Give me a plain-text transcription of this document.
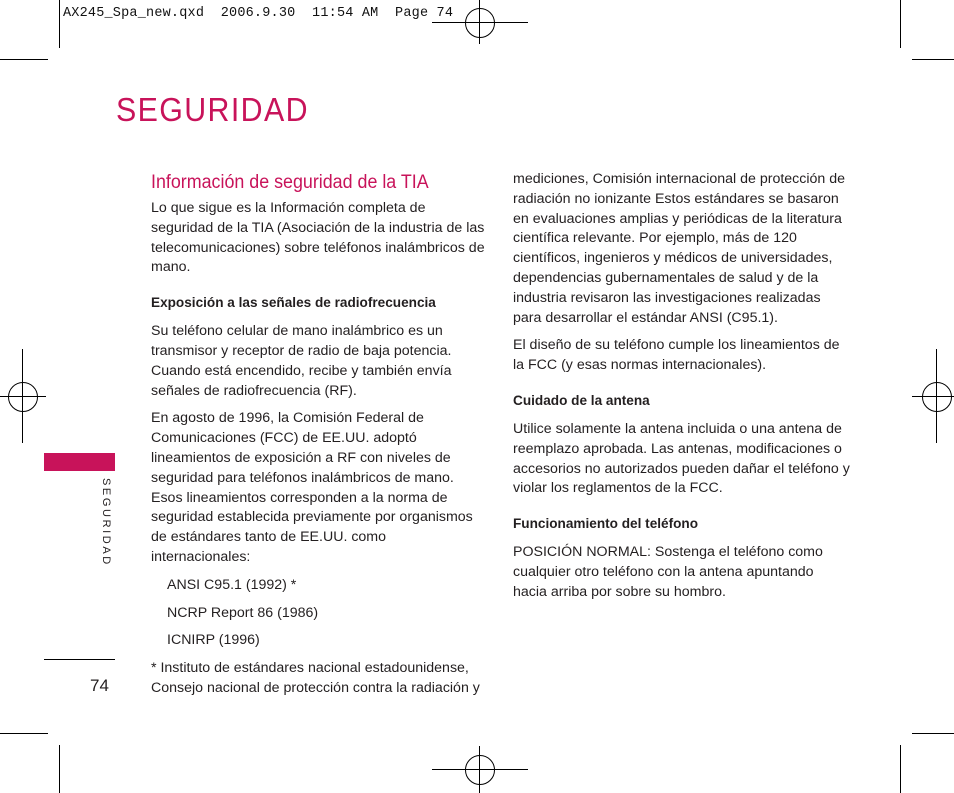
AX245_Spa_new.qxd  2006.9.30  11:54 AM  Page 74
SEGURIDAD
SEGURIDAD
74
Información de seguridad de la TIA

Lo que sigue es la Información completa de seguridad de la TIA (Asociación de la industria de las telecomunicaciones) sobre teléfonos inalámbricos de mano.

Exposición a las señales de radiofrecuencia

Su teléfono celular de mano inalámbrico es un transmisor y receptor de radio de baja potencia. Cuando está encendido, recibe y también envía señales de radiofrecuencia (RF).

En agosto de 1996, la Comisión Federal de Comunicaciones (FCC) de EE.UU. adoptó lineamientos de exposición a RF con niveles de seguridad para teléfonos inalámbricos de mano. Esos lineamientos corresponden a la norma de seguridad establecida previamente por organismos de estándares tanto de EE.UU. como internacionales:

ANSI C95.1 (1992) *
NCRP Report 86 (1986)
ICNIRP (1996)

* Instituto de estándares nacional estadounidense, Consejo nacional de protección contra la radiación y

mediciones, Comisión internacional de protección de radiación no ionizante Estos estándares se basaron en evaluaciones amplias y periódicas de la literatura científica relevante. Por ejemplo, más de 120 científicos, ingenieros y médicos de universidades, dependencias gubernamentales de salud y de la industria revisaron las investigaciones realizadas para desarrollar el estándar ANSI (C95.1).

El diseño de su teléfono cumple los lineamientos de la FCC (y esas normas internacionales).

Cuidado de la antena

Utilice solamente la antena incluida o una antena de reemplazo aprobada. Las antenas, modificaciones o accesorios no autorizados pueden dañar el teléfono y violar los reglamentos de la FCC.

Funcionamiento del teléfono

POSICIÓN NORMAL: Sostenga el teléfono como cualquier otro teléfono con la antena apuntando hacia arriba por sobre su hombro.
